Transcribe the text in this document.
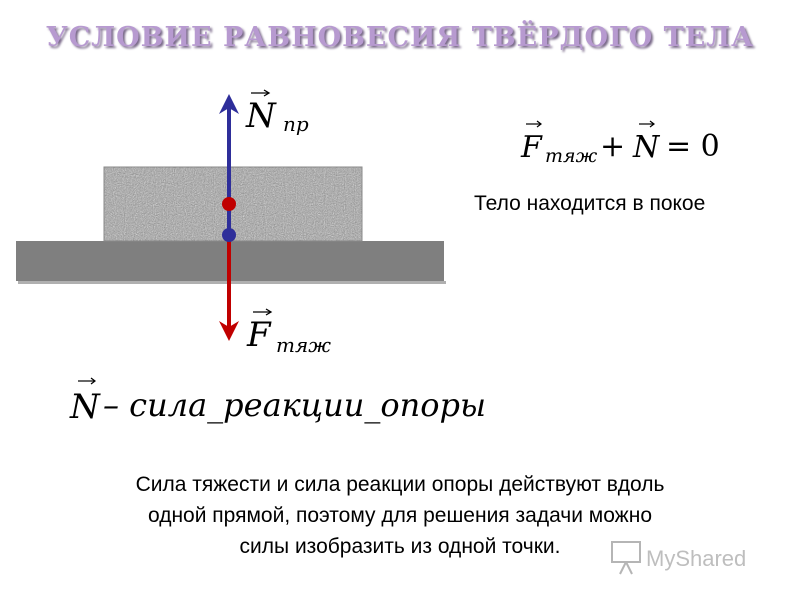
УСЛОВИЕ РАВНОВЕСИЯ ТВЁРДОГО ТЕЛА
N пр
F тяж
F тяж + N = 0
N – сила_реакции_опоры
MyShared
Тело находится в покое
Сила тяжести и сила реакции опоры действуют вдоль
одной прямой, поэтому для решения задачи можно
силы изобразить из одной точки.
